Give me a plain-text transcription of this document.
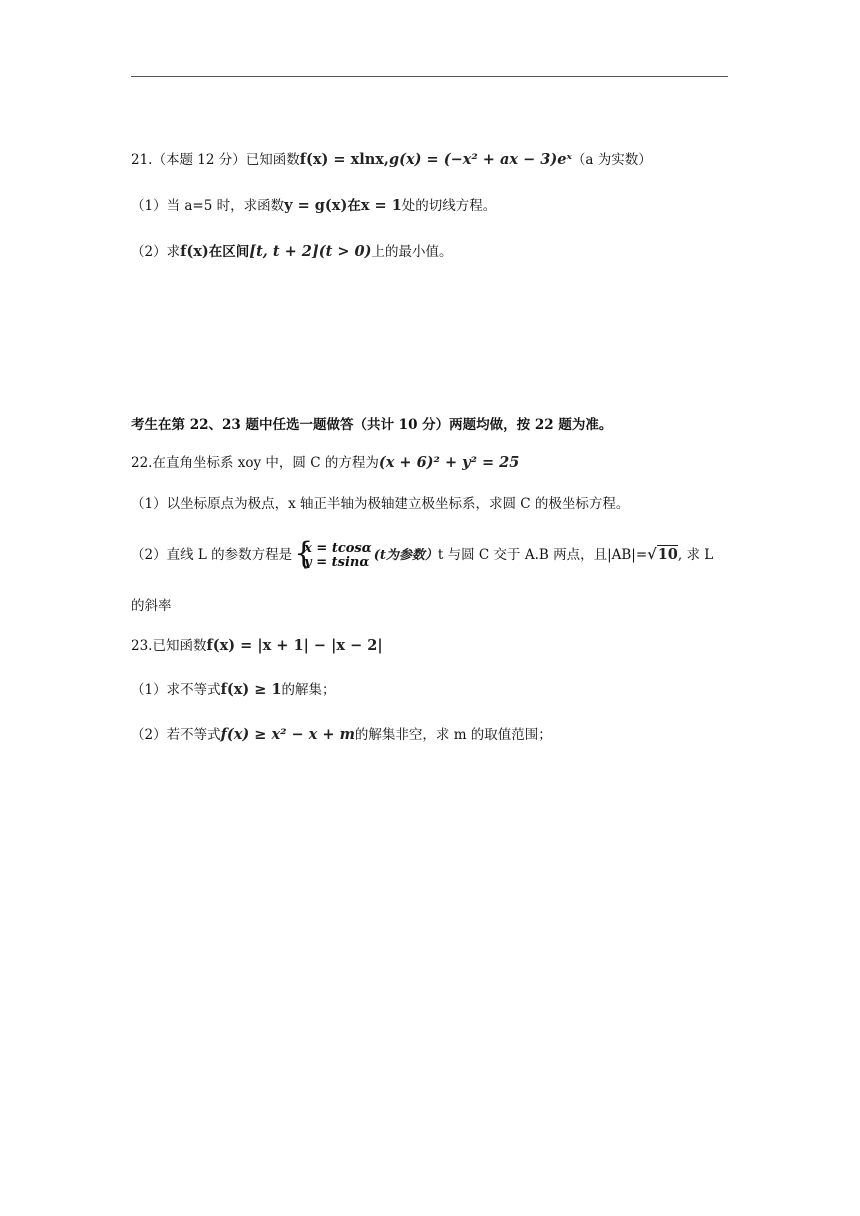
21.（本题 12 分）已知函数f(x) = xlnx,g(x) = (−x² + ax − 3)eˣ（a 为实数）
（1）当 a=5 时，求函数y = g(x)在x = 1处的切线方程。
（2）求f(x)在区间[t, t + 2](t > 0)上的最小值。
考生在第 22、23 题中任选一题做答（共计 10 分）两题均做，按 22 题为准。
22.在直角坐标系 xoy 中，圆 C 的方程为(x + 6)² + y² = 25
（1）以坐标原点为极点，x 轴正半轴为极轴建立极坐标系，求圆 C 的极坐标方程。
（2）直线 L 的参数方程是 {
x = tcosα
y = tsinα (t为参数）t 与圆 C 交于 A.B 两点，且|AB|=√10, 求 L
的斜率
23.已知函数f(x) = |x + 1| − |x − 2|
（1）求不等式f(x) ≥ 1的解集；
（2）若不等式f(x) ≥ x² − x + m的解集非空，求 m 的取值范围；
